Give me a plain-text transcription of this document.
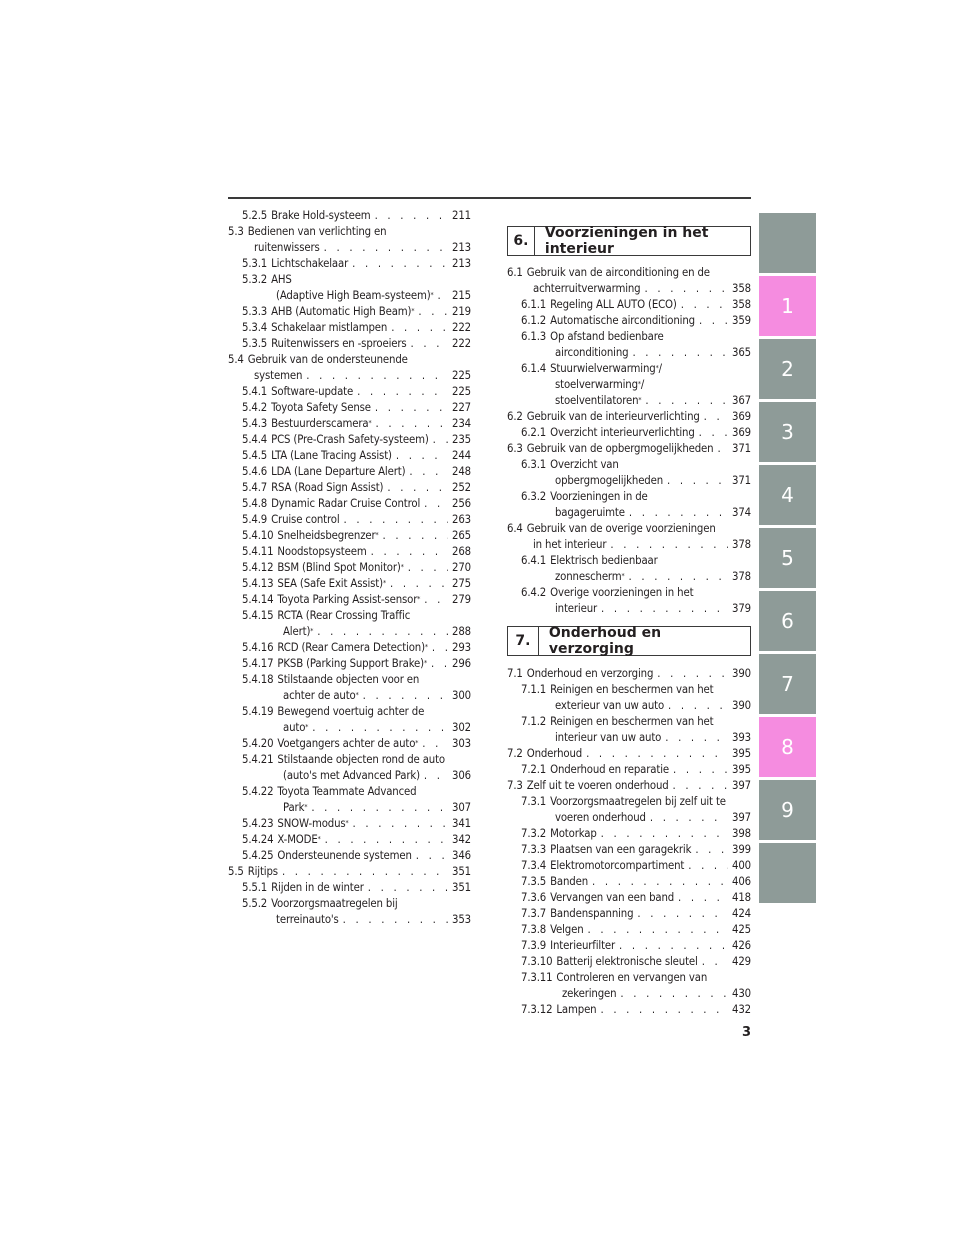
5.2.5 Brake Hold-systeem . . .	211
5.3 Bedienen van verlichting en
ruitenwissers . . .	213
5.3.1 Lichtschakelaar . . .	213
5.3.2 AHS
(Adaptive High Beam-systeem)* . . .	215
5.3.3 AHB (Automatic High Beam)* . . .	219
5.3.4 Schakelaar mistlampen . . .	222
5.3.5 Ruitenwissers en -sproeiers . . .	222
5.4 Gebruik van de ondersteunende
systemen . . .	225
5.4.1 Software-update . . .	225
5.4.2 Toyota Safety Sense . . .	227
5.4.3 Bestuurderscamera* . . .	234
5.4.4 PCS (Pre-Crash Safety-systeem) . . .	235
5.4.5 LTA (Lane Tracing Assist) . . .	244
5.4.6 LDA (Lane Departure Alert) . . .	248
5.4.7 RSA (Road Sign Assist) . . .	252
5.4.8 Dynamic Radar Cruise Control . . .	256
5.4.9 Cruise control . . .	263
5.4.10 Snelheidsbegrenzer* . . .	265
5.4.11 Noodstopsysteem . . .	268
5.4.12 BSM (Blind Spot Monitor)* . . .	270
5.4.13 SEA (Safe Exit Assist)* . . .	275
5.4.14 Toyota Parking Assist-sensor* . . .	279
5.4.15 RCTA (Rear Crossing Traffic
Alert)* . . .	288
5.4.16 RCD (Rear Camera Detection)* . . .	293
5.4.17 PKSB (Parking Support Brake)* . . .	296
5.4.18 Stilstaande objecten voor en
achter de auto* . . .	300
5.4.19 Bewegend voertuig achter de
auto* . . .	302
5.4.20 Voetgangers achter de auto* . . .	303
5.4.21 Stilstaande objecten rond de auto
(auto's met Advanced Park) . . .	306
5.4.22 Toyota Teammate Advanced
Park* . . .	307
5.4.23 SNOW-modus* . . .	341
5.4.24 X-MODE* . . .	342
5.4.25 Ondersteunende systemen . . .	346
5.5 Rijtips . . .	351
5.5.1 Rijden in de winter . . .	351
5.5.2 Voorzorgsmaatregelen bij
terreinauto's . . .	353
6.	Voorzieningen in het interieur
6.1 Gebruik van de airconditioning en de
achterruitverwarming . . .	358
6.1.1 Regeling ALL AUTO (ECO) . . .	358
6.1.2 Automatische airconditioning . . .	359
6.1.3 Op afstand bedienbare
airconditioning . . .	365
6.1.4 Stuurwielverwarming*/
stoelverwarming*/
stoelventilatoren* . . .	367
6.2 Gebruik van de interieurverlichting . . .	369
6.2.1 Overzicht interieurverlichting . . .	369
6.3 Gebruik van de opbergmogelijkheden . . .	371
6.3.1 Overzicht van
opbergmogelijkheden . . .	371
6.3.2 Voorzieningen in de
bagageruimte . . .	374
6.4 Gebruik van de overige voorzieningen
in het interieur . . .	378
6.4.1 Elektrisch bedienbaar
zonnescherm* . . .	378
6.4.2 Overige voorzieningen in het
interieur . . .	379
7.	Onderhoud en verzorging
7.1 Onderhoud en verzorging . . .	390
7.1.1 Reinigen en beschermen van het
exterieur van uw auto . . .	390
7.1.2 Reinigen en beschermen van het
interieur van uw auto . . .	393
7.2 Onderhoud . . .	395
7.2.1 Onderhoud en reparatie . . .	395
7.3 Zelf uit te voeren onderhoud . . .	397
7.3.1 Voorzorgsmaatregelen bij zelf uit te
voeren onderhoud . . .	397
7.3.2 Motorkap . . .	398
7.3.3 Plaatsen van een garagekrik . . .	399
7.3.4 Elektromotorcompartiment . . .	400
7.3.5 Banden . . .	406
7.3.6 Vervangen van een band . . .	418
7.3.7 Bandenspanning . . .	424
7.3.8 Velgen . . .	425
7.3.9 Interieurfilter . . .	426
7.3.10 Batterij elektronische sleutel . . .	429
7.3.11 Controleren en vervangen van
zekeringen . . .	430
7.3.12 Lampen . . .	432
1
2
3
4
5
6
7
8
9
3
